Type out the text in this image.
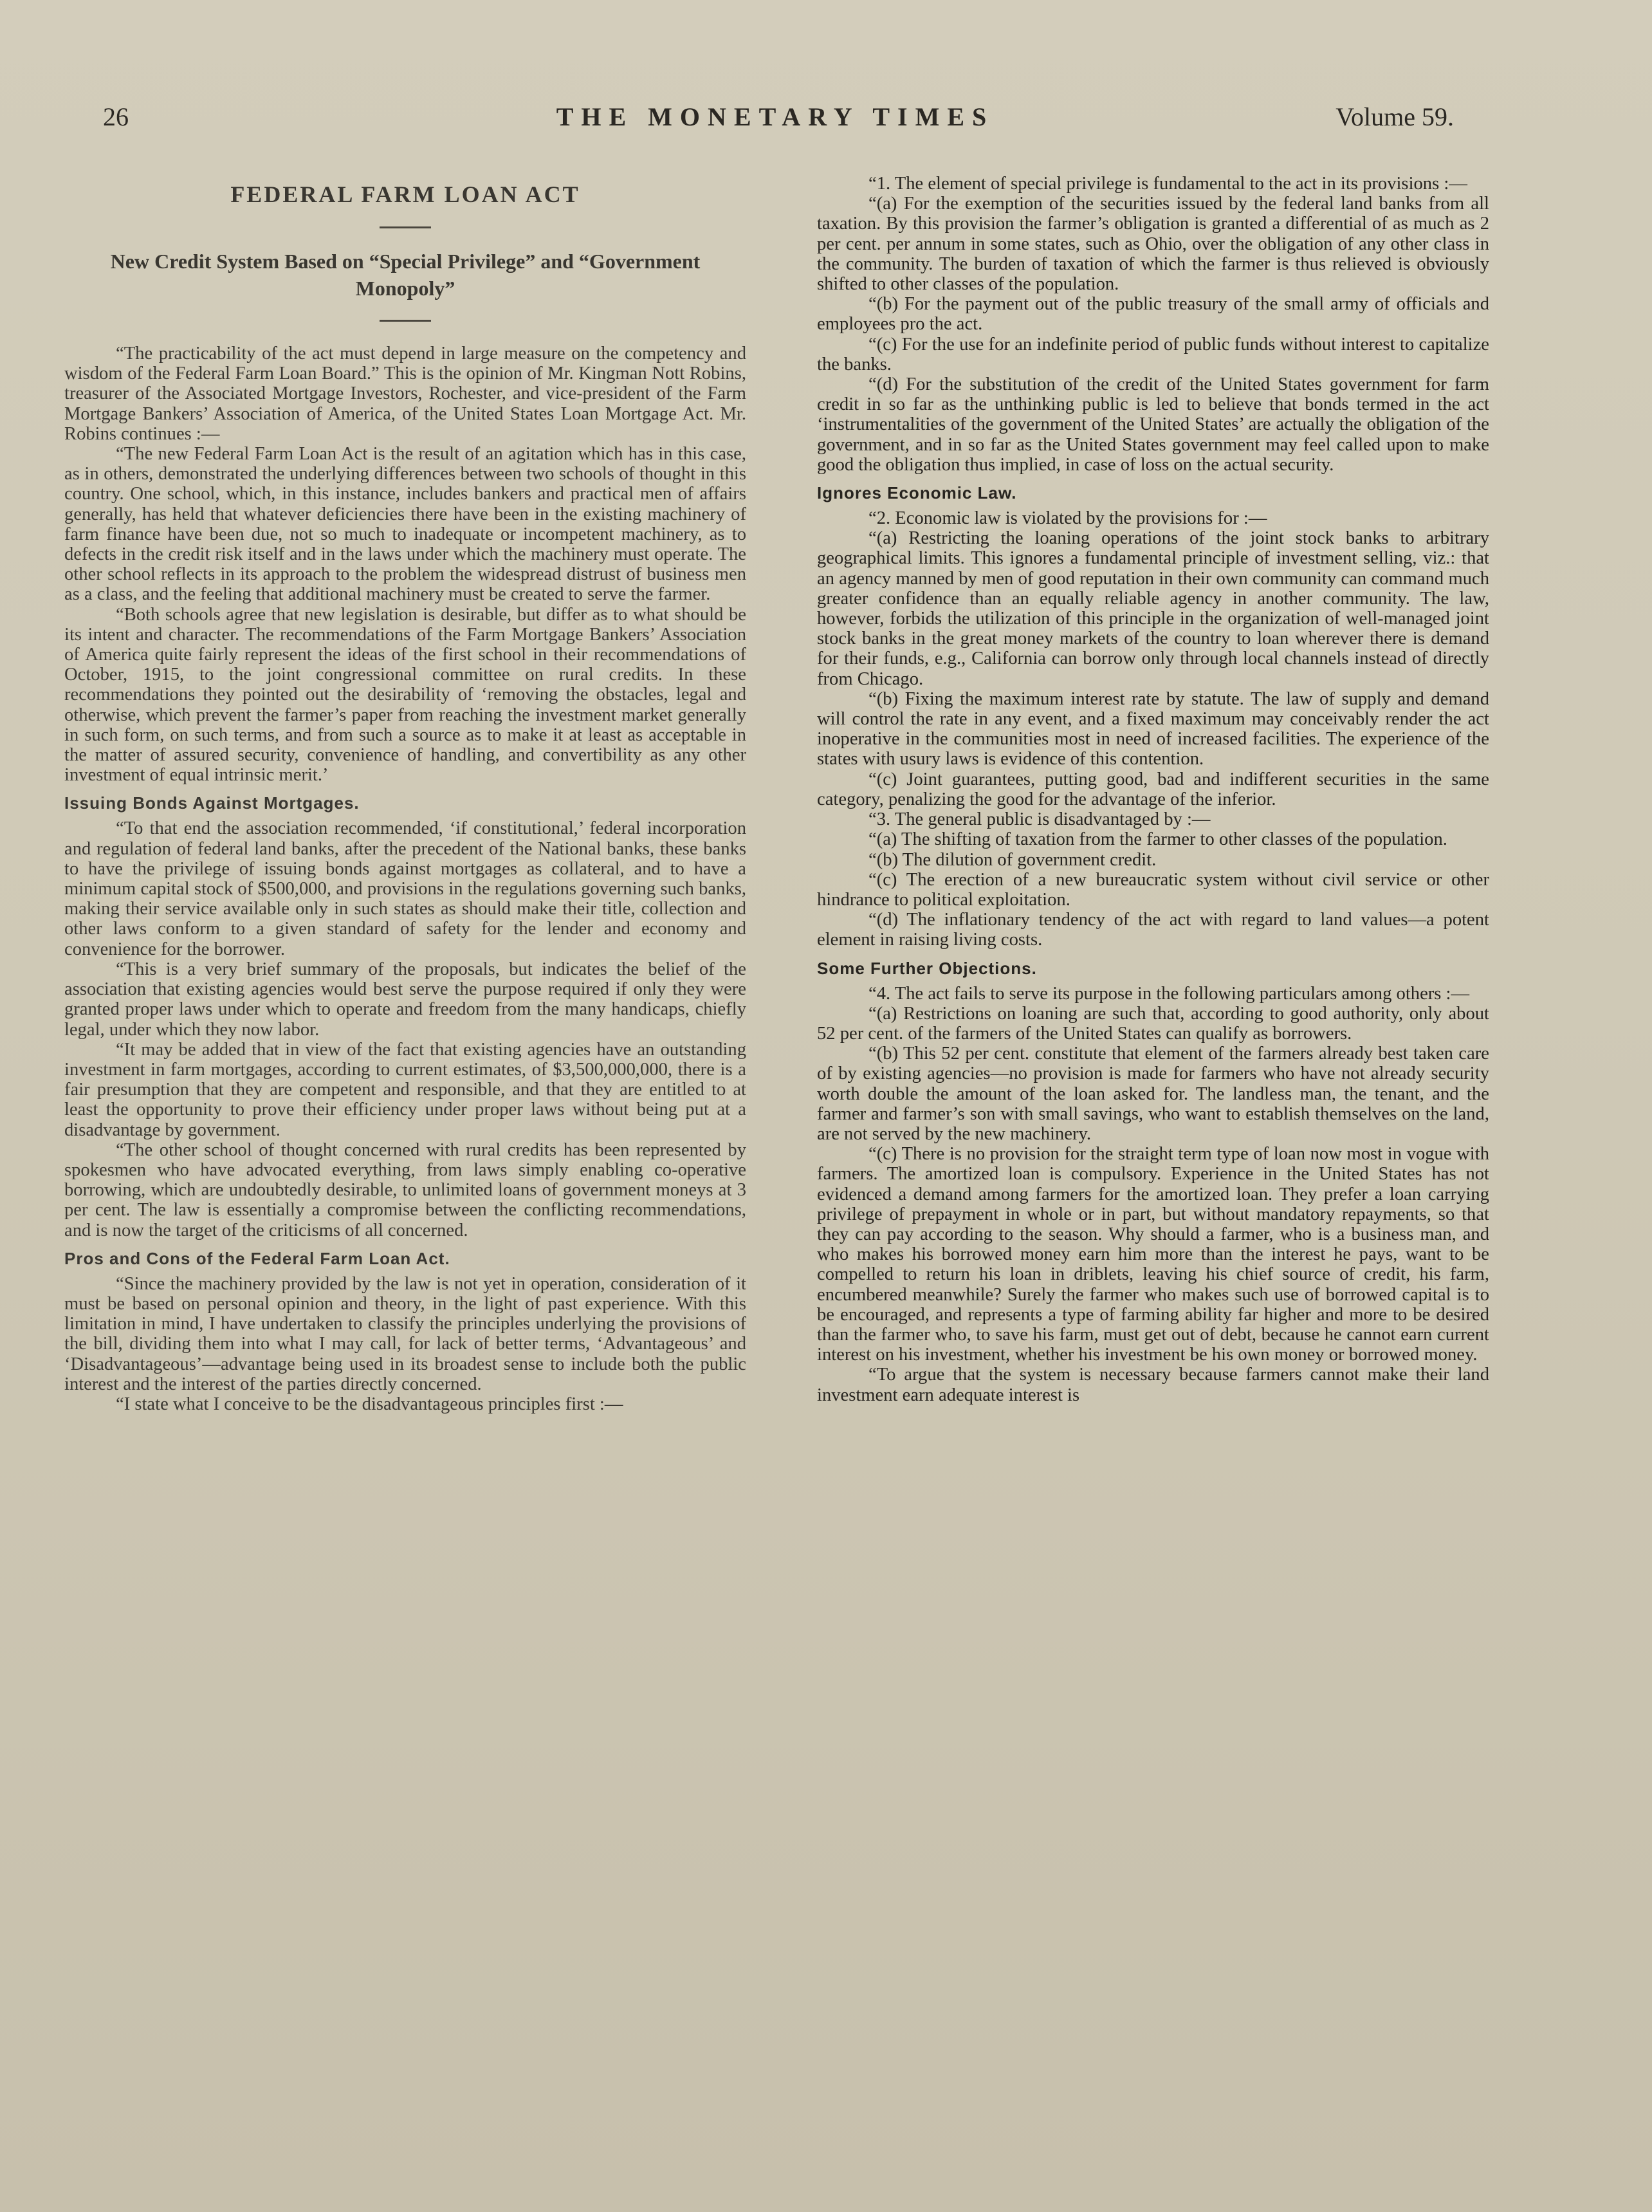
26	THE MONETARY TIMES	Volume 59.
FEDERAL FARM LOAN ACT
New Credit System Based on “Special Privilege” and “Government Monopoly”

“The practicability of the act must depend in large measure on the competency and wisdom of the Federal Farm Loan Board.” This is the opinion of Mr. Kingman Nott Robins, treasurer of the Associated Mortgage Investors, Rochester, and vice-president of the Farm Mortgage Bankers’ Association of America, of the United States Loan Mortgage Act. Mr. Robins continues :—

“The new Federal Farm Loan Act is the result of an agitation which has in this case, as in others, demonstrated the underlying differences between two schools of thought in this country. One school, which, in this instance, includes bankers and practical men of affairs generally, has held that whatever deficiencies there have been in the existing machinery of farm finance have been due, not so much to inadequate or incompetent machinery, as to defects in the credit risk itself and in the laws under which the machinery must operate. The other school reflects in its approach to the problem the widespread distrust of business men as a class, and the feeling that additional machinery must be created to serve the farmer.

“Both schools agree that new legislation is desirable, but differ as to what should be its intent and character. The recommendations of the Farm Mortgage Bankers’ Association of America quite fairly represent the ideas of the first school in their recommendations of October, 1915, to the joint congressional committee on rural credits. In these recommendations they pointed out the desirability of ‘removing the obstacles, legal and otherwise, which prevent the farmer’s paper from reaching the investment market generally in such form, on such terms, and from such a source as to make it at least as acceptable in the matter of assured security, convenience of handling, and convertibility as any other investment of equal intrinsic merit.’

Issuing Bonds Against Mortgages.

“To that end the association recommended, ‘if constitutional,’ federal incorporation and regulation of federal land banks, after the precedent of the National banks, these banks to have the privilege of issuing bonds against mortgages as collateral, and to have a minimum capital stock of $500,000, and provisions in the regulations governing such banks, making their service available only in such states as should make their title, collection and other laws conform to a given standard of safety for the lender and economy and convenience for the borrower.

“This is a very brief summary of the proposals, but indicates the belief of the association that existing agencies would best serve the purpose required if only they were granted proper laws under which to operate and freedom from the many handicaps, chiefly legal, under which they now labor.

“It may be added that in view of the fact that existing agencies have an outstanding investment in farm mortgages, according to current estimates, of $3,500,000,000, there is a fair presumption that they are competent and responsible, and that they are entitled to at least the opportunity to prove their efficiency under proper laws without being put at a disadvantage by government.

“The other school of thought concerned with rural credits has been represented by spokesmen who have advocated everything, from laws simply enabling co-operative borrowing, which are undoubtedly desirable, to unlimited loans of government moneys at 3 per cent. The law is essentially a compromise between the conflicting recommendations, and is now the target of the criticisms of all concerned.

Pros and Cons of the Federal Farm Loan Act.

“Since the machinery provided by the law is not yet in operation, consideration of it must be based on personal opinion and theory, in the light of past experience. With this limitation in mind, I have undertaken to classify the principles underlying the provisions of the bill, dividing them into what I may call, for lack of better terms, ‘Advantageous’ and ‘Disadvantageous’—advantage being used in its broadest sense to include both the public interest and the interest of the parties directly concerned.

“I state what I conceive to be the disadvantageous principles first :—

“1. The element of special privilege is fundamental to the act in its provisions :—

“(a) For the exemption of the securities issued by the federal land banks from all taxation. By this provision the farmer’s obligation is granted a differential of as much as 2 per cent. per annum in some states, such as Ohio, over the obligation of any other class in the community. The burden of taxation of which the farmer is thus relieved is obviously shifted to other classes of the population.

“(b) For the payment out of the public treasury of the small army of officials and employees pro the act.

“(c) For the use for an indefinite period of public funds without interest to capitalize the banks.

“(d) For the substitution of the credit of the United States government for farm credit in so far as the unthinking public is led to believe that bonds termed in the act ‘instrumentalities of the government of the United States’ are actually the obligation of the government, and in so far as the United States government may feel called upon to make good the obligation thus implied, in case of loss on the actual security.

Ignores Economic Law.

“2. Economic law is violated by the provisions for :—

“(a) Restricting the loaning operations of the joint stock banks to arbitrary geographical limits. This ignores a fundamental principle of investment selling, viz.: that an agency manned by men of good reputation in their own community can command much greater confidence than an equally reliable agency in another community. The law, however, forbids the utilization of this principle in the organization of well-managed joint stock banks in the great money markets of the country to loan wherever there is demand for their funds, e.g., California can borrow only through local channels instead of directly from Chicago.

“(b) Fixing the maximum interest rate by statute. The law of supply and demand will control the rate in any event, and a fixed maximum may conceivably render the act inoperative in the communities most in need of increased facilities. The experience of the states with usury laws is evidence of this contention.

“(c) Joint guarantees, putting good, bad and indifferent securities in the same category, penalizing the good for the advantage of the inferior.

“3. The general public is disadvantaged by :—

“(a) The shifting of taxation from the farmer to other classes of the population.

“(b) The dilution of government credit.

“(c) The erection of a new bureaucratic system without civil service or other hindrance to political exploitation.

“(d) The inflationary tendency of the act with regard to land values—a potent element in raising living costs.

Some Further Objections.

“4. The act fails to serve its purpose in the following particulars among others :—

“(a) Restrictions on loaning are such that, according to good authority, only about 52 per cent. of the farmers of the United States can qualify as borrowers.

“(b) This 52 per cent. constitute that element of the farmers already best taken care of by existing agencies—no provision is made for farmers who have not already security worth double the amount of the loan asked for. The landless man, the tenant, and the farmer and farmer’s son with small savings, who want to establish themselves on the land, are not served by the new machinery.

“(c) There is no provision for the straight term type of loan now most in vogue with farmers. The amortized loan is compulsory. Experience in the United States has not evidenced a demand among farmers for the amortized loan. They prefer a loan carrying privilege of prepayment in whole or in part, but without mandatory repayments, so that they can pay according to the season. Why should a farmer, who is a business man, and who makes his borrowed money earn him more than the interest he pays, want to be compelled to return his loan in driblets, leaving his chief source of credit, his farm, encumbered meanwhile? Surely the farmer who makes such use of borrowed capital is to be encouraged, and represents a type of farming ability far higher and more to be desired than the farmer who, to save his farm, must get out of debt, because he cannot earn current interest on his investment, whether his investment be his own money or borrowed money.

“To argue that the system is necessary because farmers cannot make their land investment earn adequate interest is
